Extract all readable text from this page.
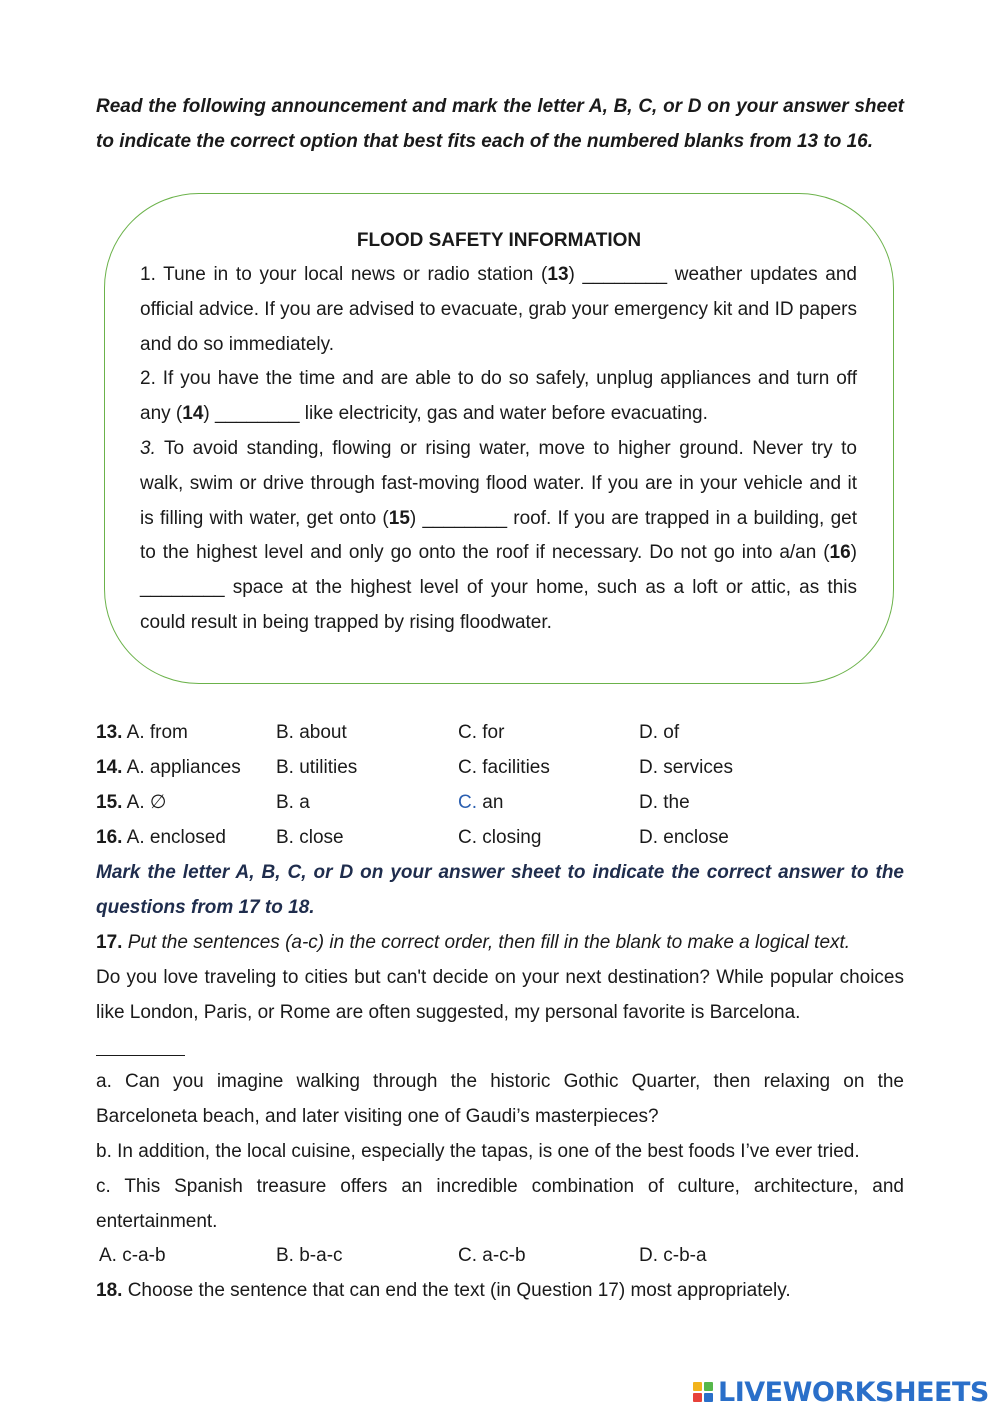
Read the following announcement and mark the letter A, B, C, or D on your answer sheet to indicate the correct option that best fits each of the numbered blanks from 13 to 16.

FLOOD SAFETY INFORMATION

1. Tune in to your local news or radio station (13) ________ weather updates and official advice. If you are advised to evacuate, grab your emergency kit and ID papers and do so immediately.

2. If you have the time and are able to do so safely, unplug appliances and turn off any (14) ________ like electricity, gas and water before evacuating.

3. To avoid standing, flowing or rising water, move to higher ground. Never try to walk, swim or drive through fast-moving flood water. If you are in your vehicle and it is filling with water, get onto (15) ________ roof. If you are trapped in a building, get to the highest level and only go onto the roof if necessary. Do not go into a/an (16) ________ space at the highest level of your home, such as a loft or attic, as this could result in being trapped by rising floodwater.

13. A. from	B. about	C. for	D. of
14. A. appliances B. utilities	C. facilities	D. services
15. A. ∅	B. a	C. an	D. the
16. A. enclosed	B. close	C. closing	D. enclose

Mark the letter A, B, C, or D on your answer sheet to indicate the correct answer to the questions from 17 to 18.

17. Put the sentences (a-c) in the correct order, then fill in the blank to make a logical text.

Do you love traveling to cities but can't decide on your next destination? While popular choices like London, Paris, or Rome are often suggested, my personal favorite is Barcelona.

a. Can you imagine walking through the historic Gothic Quarter, then relaxing on the Barceloneta beach, and later visiting one of Gaudi’s masterpieces?

b. In addition, the local cuisine, especially the tapas, is one of the best foods I’ve ever tried.

c. This Spanish treasure offers an incredible combination of culture, architecture, and entertainment.

A. c-a-b	B. b-a-c	C. a-c-b	D. c-b-a

18. Choose the sentence that can end the text (in Question 17) most appropriately.

LIVEWORKSHEETS
